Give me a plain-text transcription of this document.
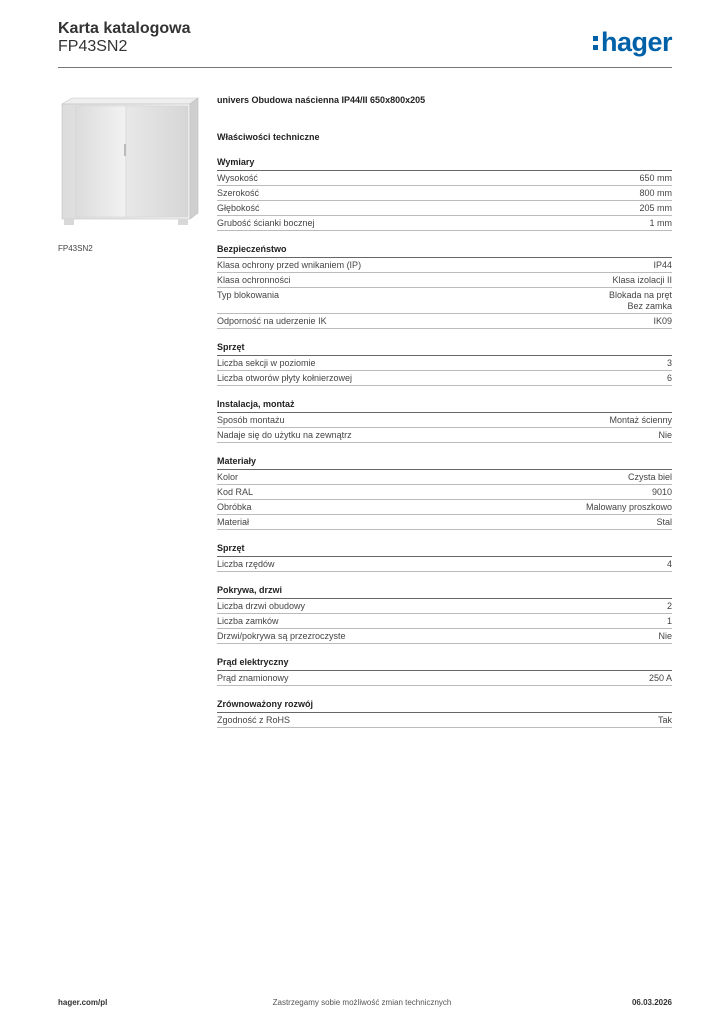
Karta katalogowa
FP43SN2	hager
FP43SN2
univers Obudowa naścienna IP44/II 650x800x205
Właściwości techniczne
Wymiary
Wysokość	650 mm
Szerokość	800 mm
Głębokość	205 mm
Grubość ścianki bocznej	1 mm
Bezpieczeństwo
Klasa ochrony przed wnikaniem (IP)	IP44
Klasa ochronności	Klasa izolacji II
Typ blokowania	Blokada na pręt
Bez zamka
Odporność na uderzenie IK	IK09
Sprzęt
Liczba sekcji w poziomie	3
Liczba otworów płyty kołnierzowej	6
Instalacja, montaż
Sposób montażu	Montaż ścienny
Nadaje się do użytku na zewnątrz	Nie
Materiały
Kolor	Czysta biel
Kod RAL	9010
Obróbka	Malowany proszkowo
Materiał	Stal
Sprzęt
Liczba rzędów	4
Pokrywa, drzwi
Liczba drzwi obudowy	2
Liczba zamków	1
Drzwi/pokrywa są przezroczyste	Nie
Prąd elektryczny
Prąd znamionowy	250 A
Zrównoważony rozwój
Zgodność z RoHS	Tak
hager.com/pl	Zastrzegamy sobie możliwość zmian technicznych	06.03.2026
